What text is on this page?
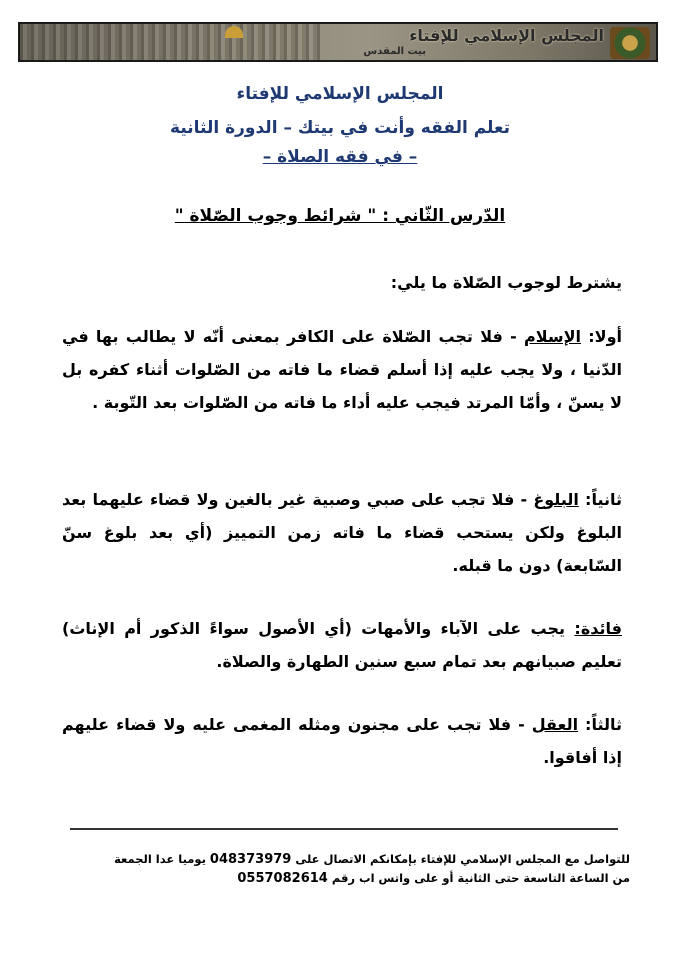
المجلس الإسلامي للإفتاء
بيت المقدس
المجلس الإسلامي للإفتاء
تعلم الفقه وأنت في بيتك – الدورة الثانية
– في فقه الصلاة –
الدّرس الثّاني : " شرائط وجوب الصّلاة "
يشترط لوجوب الصّلاة ما يلي:
أولا: الإسلام - فلا تجب الصّلاة على الكافر بمعنى أنّه لا يطالب بها في الدّنيا ، ولا يجب عليه إذا أسلم قضاء ما فاته من الصّلوات أثناء كفره بل لا يسنّ ، وأمّا المرتد فيجب عليه أداء ما فاته من الصّلوات بعد التّوبة .
ثانياً: البلوغ - فلا تجب على صبي وصبية غير بالغين ولا قضاء عليهما بعد البلوغ ولكن يستحب قضاء ما فاته زمن التمييز (أي بعد بلوغ سنّ السّابعة) دون ما قبله.
فائدة: يجب على الآباء والأمهات (أي الأصول سواءً الذكور أم الإناث) تعليم صبيانهم بعد تمام سبع سنين الطهارة والصلاة.
ثالثاً: العقل - فلا تجب على مجنون ومثله المغمى عليه ولا قضاء عليهم إذا أفاقوا.
للتواصل مع المجلس الإسلامي للإفتاء بإمكانكم الاتصال على 048373979 يوميا عدا الجمعة
من الساعة التاسعة حتى الثانية أو على واتس اب رقم 0557082614
